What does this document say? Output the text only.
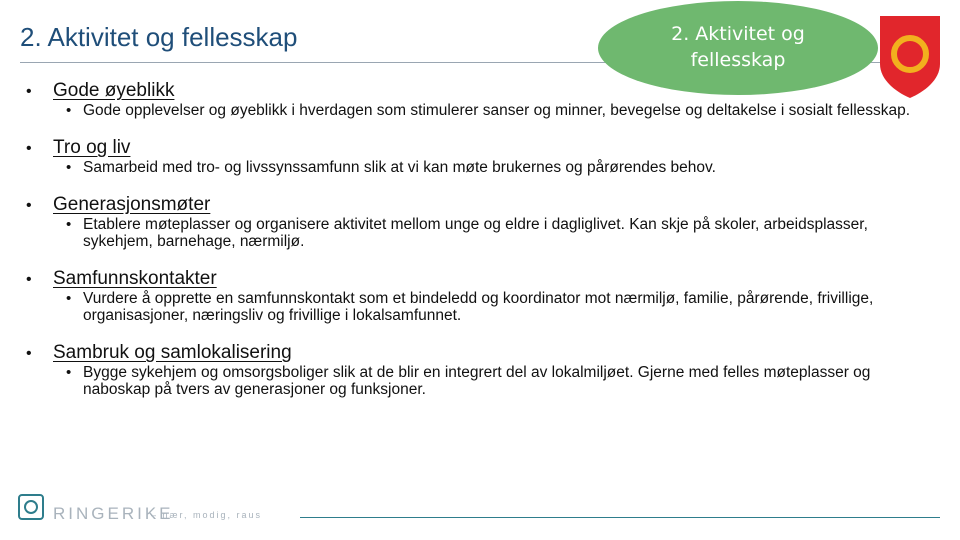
2. Aktivitet og fellesskap	2. Aktivitet og fellesskap
•	Gode øyeblikk
• Gode opplevelser og øyeblikk i hverdagen som stimulerer sanser og minner, bevegelse og deltakelse i sosialt fellesskap.
•	Tro og liv
• Samarbeid med tro- og livssynssamfunn slik at vi kan møte brukernes og pårørendes behov.
•	Generasjonsmøter
• Etablere møteplasser og organisere aktivitet mellom unge og eldre i dagliglivet. Kan skje på skoler, arbeidsplasser, sykehjem, barnehage, nærmiljø.
•	Samfunnskontakter
• Vurdere å opprette en samfunnskontakt som et bindeledd og koordinator mot nærmiljø, familie, pårørende, frivillige, organisasjoner, næringsliv og frivillige i lokalsamfunnet.
•	Sambruk og samlokalisering
• Bygge sykehjem og omsorgsboliger slik at de blir en integrert del av lokalmiljøet. Gjerne med felles møteplasser og naboskap på tvers av generasjoner og funksjoner.
RINGERIKE
– nær, modig, raus
